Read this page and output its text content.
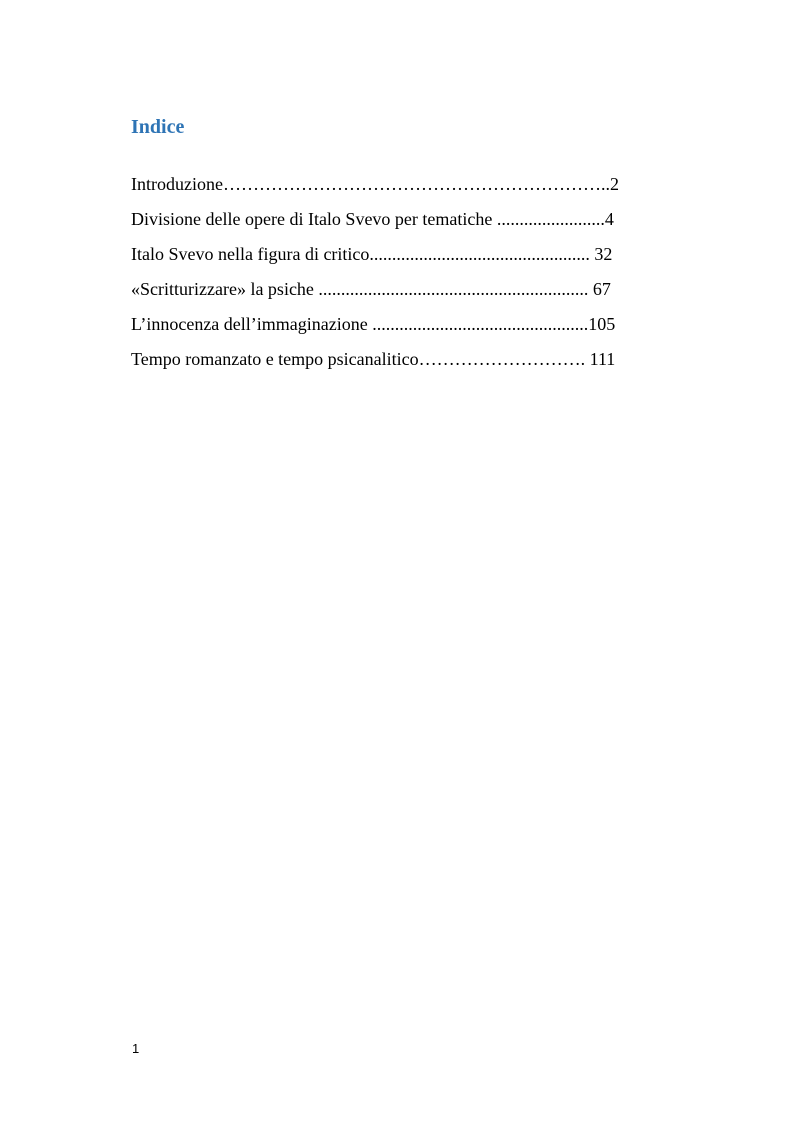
Indice
Introduzione………………………………………………………..2
Divisione delle opere di Italo Svevo per tematiche ........................4
Italo Svevo nella figura di critico................................................. 32
«Scritturizzare» la psiche ............................................................ 67
L’innocenza dell’immaginazione ................................................105
Tempo romanzato e tempo psicanalitico………………………. 111
1
